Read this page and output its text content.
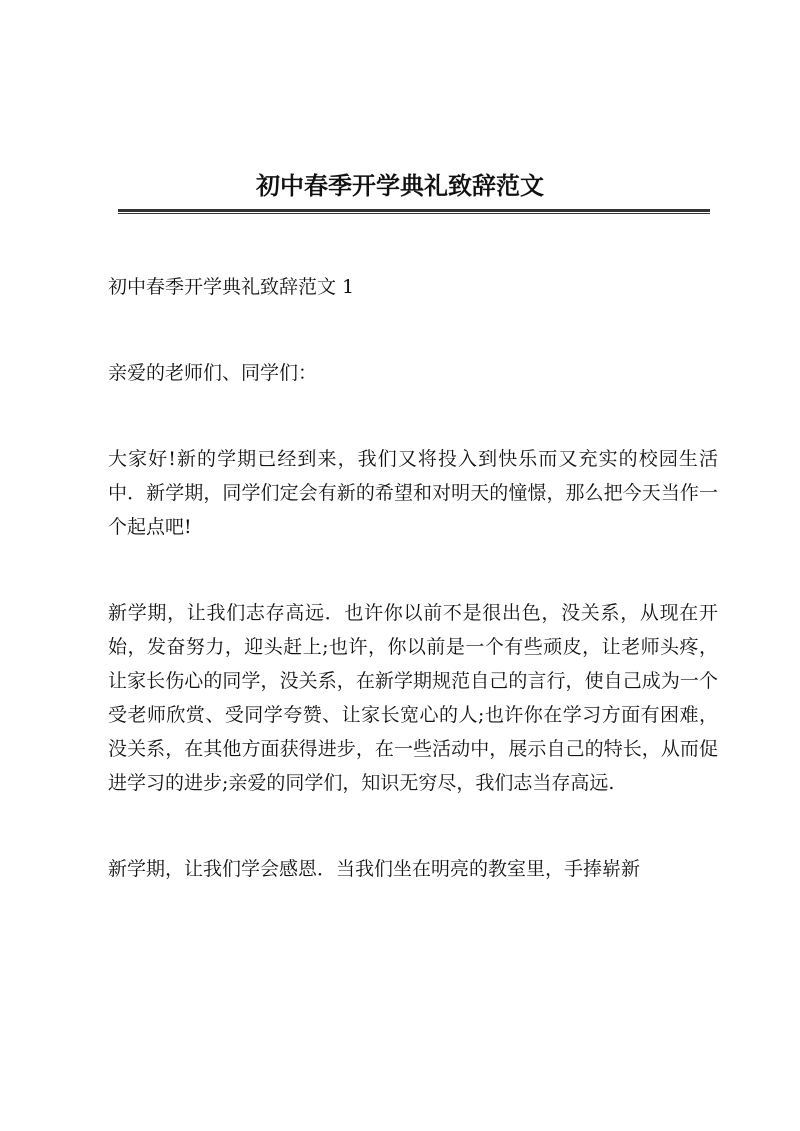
初中春季开学典礼致辞范文

初中春季开学典礼致辞范文 1

亲爱的老师们、同学们：

大家好!新的学期已经到来，我们又将投入到快乐而又充实的校园生活中．新学期，同学们定会有新的希望和对明天的憧憬，那么把今天当作一个起点吧!

新学期，让我们志存高远．也许你以前不是很出色，没关系，从现在开始，发奋努力，迎头赶上;也许，你以前是一个有些顽皮，让老师头疼，让家长伤心的同学，没关系，在新学期规范自己的言行，使自己成为一个受老师欣赏、受同学夸赞、让家长宽心的人;也许你在学习方面有困难，没关系，在其他方面获得进步，在一些活动中，展示自己的特长，从而促进学习的进步;亲爱的同学们，知识无穷尽，我们志当存高远.

新学期，让我们学会感恩．当我们坐在明亮的教室里，手捧崭新
